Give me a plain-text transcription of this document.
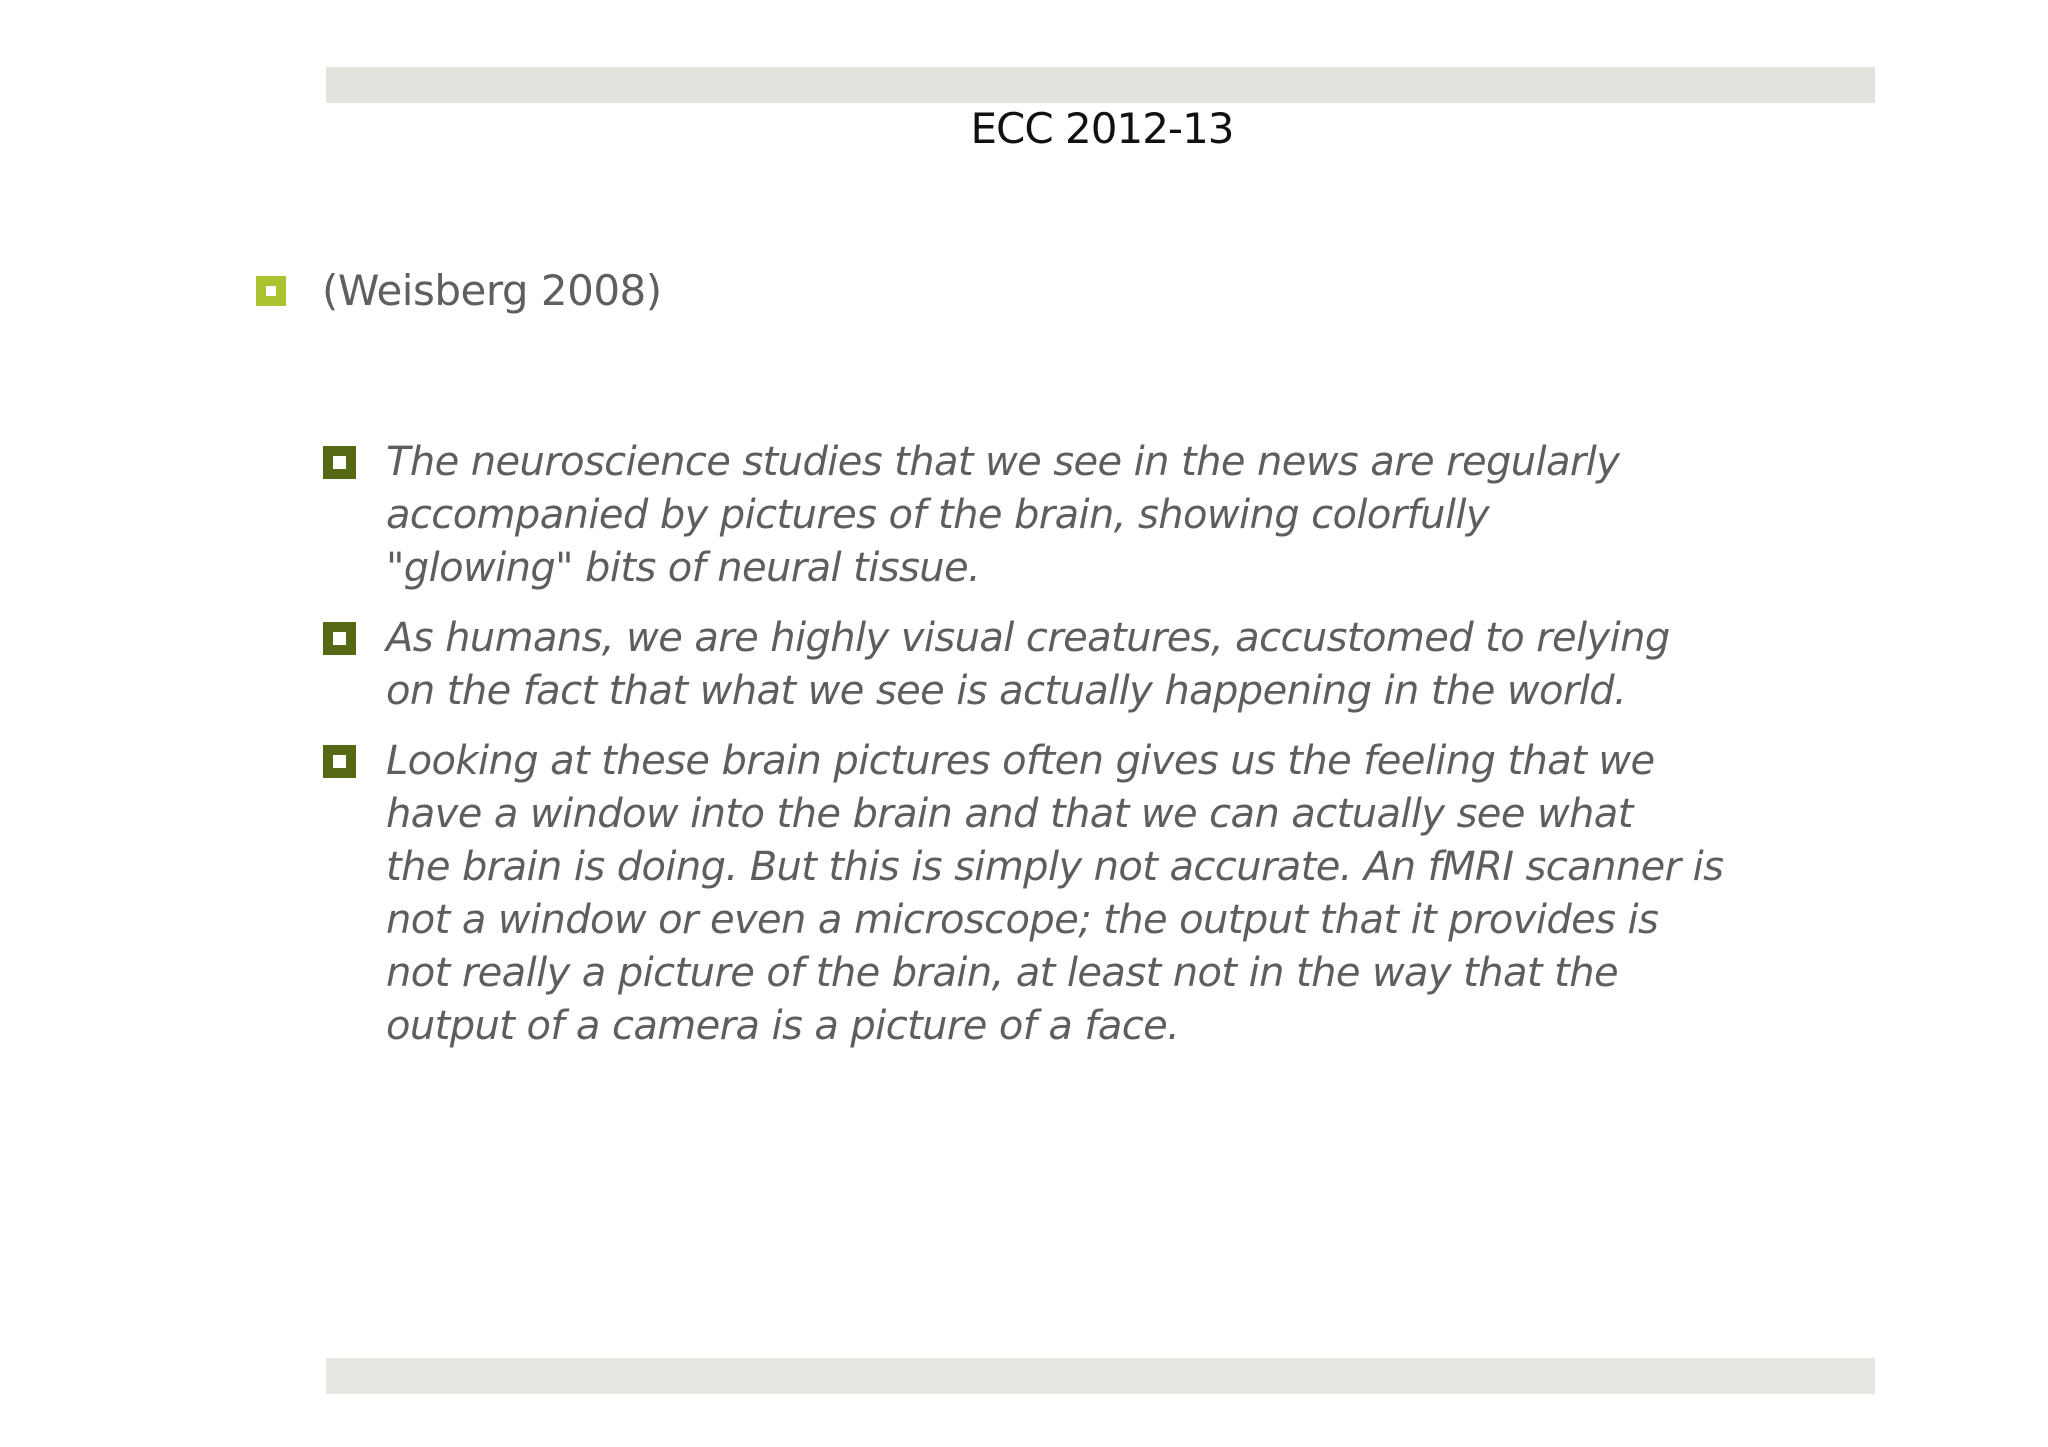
ECC 2012-13
(Weisberg 2008)
The neuroscience studies that we see in the news are regularly
accompanied by pictures of the brain, showing colorfully
"glowing" bits of neural tissue.
As humans, we are highly visual creatures, accustomed to relying
on the fact that what we see is actually happening in the world.
Looking at these brain pictures often gives us the feeling that we
have a window into the brain and that we can actually see what
the brain is doing. But this is simply not accurate. An fMRI scanner is
not a window or even a microscope; the output that it provides is
not really a picture of the brain, at least not in the way that the
output of a camera is a picture of a face.
